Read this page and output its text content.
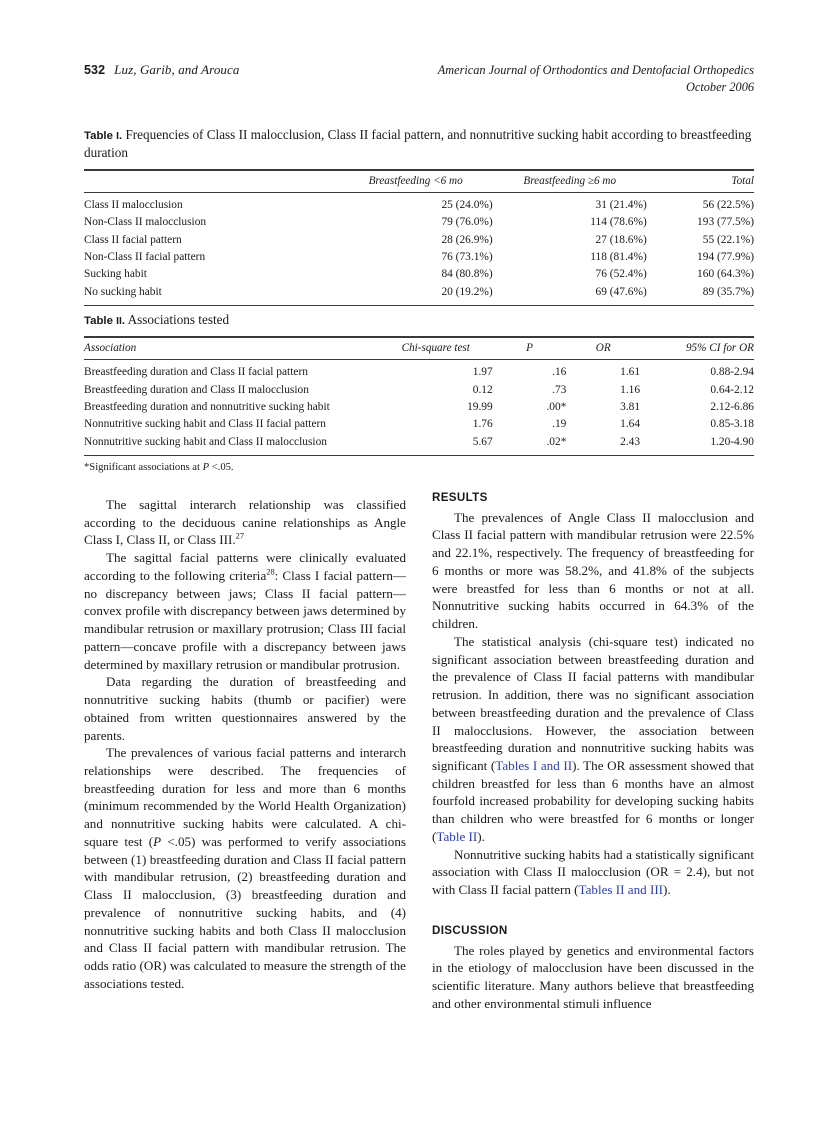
532 Luz, Garib, and Arouca	American Journal of Orthodontics and Dentofacial Orthopedics
October 2006
Table I. Frequencies of Class II malocclusion, Class II facial pattern, and nonnutritive sucking habit according to breastfeeding duration
	Breastfeeding <6 mo	Breastfeeding ≥6 mo	Total
Class II malocclusion	25 (24.0%)	31 (21.4%)	56 (22.5%)
Non-Class II malocclusion	79 (76.0%)	114 (78.6%)	193 (77.5%)
Class II facial pattern	28 (26.9%)	27 (18.6%)	55 (22.1%)
Non-Class II facial pattern	76 (73.1%)	118 (81.4%)	194 (77.9%)
Sucking habit	84 (80.8%)	76 (52.4%)	160 (64.3%)
No sucking habit	20 (19.2%)	69 (47.6%)	89 (35.7%)
Table II. Associations tested
Association	Chi-square test	P	OR	95% CI for OR
Breastfeeding duration and Class II facial pattern	1.97	.16	1.61	0.88-2.94
Breastfeeding duration and Class II malocclusion	0.12	.73	1.16	0.64-2.12
Breastfeeding duration and nonnutritive sucking habit	19.99	.00*	3.81	2.12-6.86
Nonnutritive sucking habit and Class II facial pattern	1.76	.19	1.64	0.85-3.18
Nonnutritive sucking habit and Class II malocclusion	5.67	.02*	2.43	1.20-4.90
*Significant associations at P <.05.

The sagittal interarch relationship was classified according to the deciduous canine relationships as Angle Class I, Class II, or Class III.$^{27}$

The sagittal facial patterns were clinically evaluated according to the following criteria$^{28}$: Class I facial pattern—no discrepancy between jaws; Class II facial pattern—convex profile with discrepancy between jaws determined by mandibular retrusion or maxillary protrusion; Class III facial pattern—concave profile with a discrepancy between jaws determined by maxillary retrusion or mandibular protrusion.

Data regarding the duration of breastfeeding and nonnutritive sucking habits (thumb or pacifier) were obtained from written questionnaires answered by the parents.

The prevalences of various facial patterns and interarch relationships were described. The frequencies of breastfeeding duration for less and more than 6 months (minimum recommended by the World Health Organization) and nonnutritive sucking habits were calculated. A chi-square test (P <.05) was performed to verify associations between (1) breastfeeding duration and Class II facial pattern with mandibular retrusion, (2) breastfeeding duration and Class II malocclusion, (3) breastfeeding duration and prevalence of nonnutritive sucking habits, and (4) nonnutritive sucking habits and both Class II malocclusion and Class II facial pattern with mandibular retrusion. The odds ratio (OR) was calculated to measure the strength of the associations tested.

RESULTS

The prevalences of Angle Class II malocclusion and Class II facial pattern with mandibular retrusion were 22.5% and 22.1%, respectively. The frequency of breastfeeding for 6 months or more was 58.2%, and 41.8% of the subjects were breastfed for less than 6 months or not at all. Nonnutritive sucking habits occurred in 64.3% of the children.

The statistical analysis (chi-square test) indicated no significant association between breastfeeding duration and the prevalence of Class II facial patterns with mandibular retrusion. In addition, there was no significant association between breastfeeding duration and the prevalence of Class II malocclusions. However, the association between breastfeeding duration and nonnutritive sucking habits was significant (Tables I and II). The OR assessment showed that children breastfed for less than 6 months have an almost fourfold increased probability for developing sucking habits than children who were breastfed for 6 months or longer (Table II).

Nonnutritive sucking habits had a statistically significant association with Class II malocclusion (OR = 2.4), but not with Class II facial pattern (Tables II and III).

DISCUSSION

The roles played by genetics and environmental factors in the etiology of malocclusion have been discussed in the scientific literature. Many authors believe that breastfeeding and other environmental stimuli influence
